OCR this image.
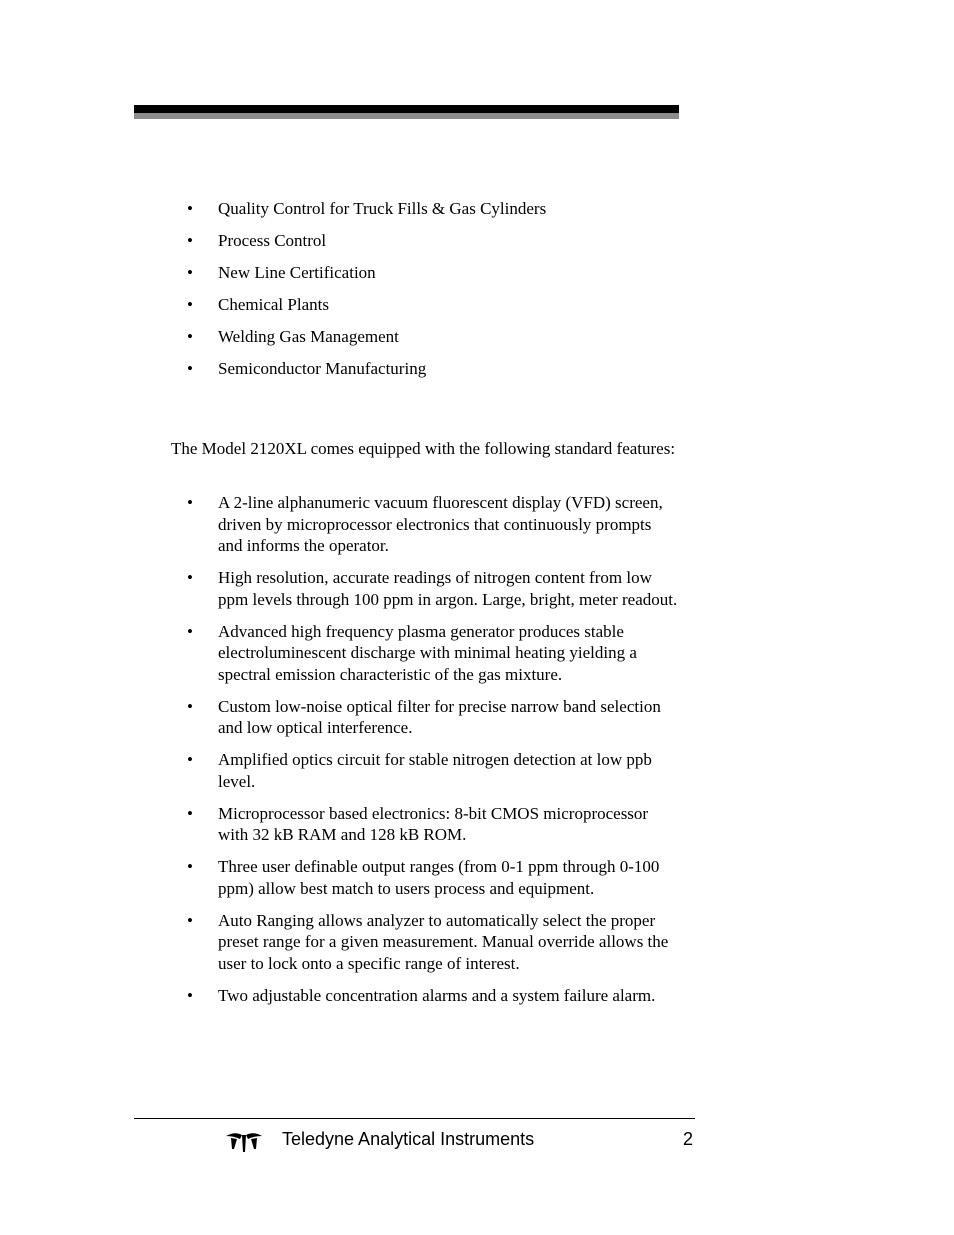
• Quality Control for Truck Fills & Gas Cylinders
• Process Control
• New Line Certification
• Chemical Plants
• Welding Gas Management
• Semiconductor Manufacturing

The Model 2120XL comes equipped with the following standard features:

• A 2-line alphanumeric vacuum fluorescent display (VFD) screen, driven by microprocessor electronics that continuously prompts and informs the operator.
• High resolution, accurate readings of nitrogen content from low ppm levels through 100 ppm in argon. Large, bright, meter readout.
• Advanced high frequency plasma generator produces stable electroluminescent discharge with minimal heating yielding a spectral emission characteristic of the gas mixture.
• Custom low-noise optical filter for precise narrow band selection and low optical interference.
• Amplified optics circuit for stable nitrogen detection at low ppb level.
• Microprocessor based electronics: 8-bit CMOS microprocessor with 32 kB RAM and 128 kB ROM.
• Three user definable output ranges (from 0-1 ppm through 0-100 ppm) allow best match to users process and equipment.
• Auto Ranging allows analyzer to automatically select the proper preset range for a given measurement. Manual override allows the user to lock onto a specific range of interest.
• Two adjustable concentration alarms and a system failure alarm.
Teledyne Analytical Instruments	2
